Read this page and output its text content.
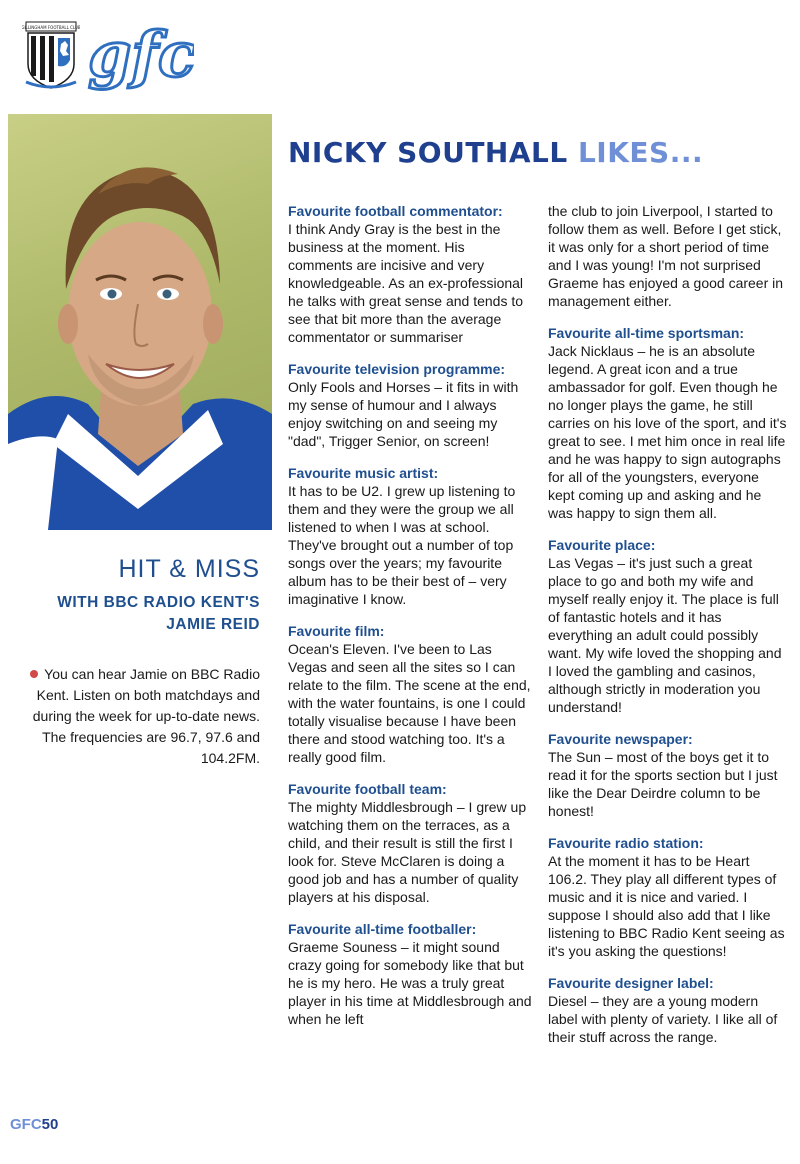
GILLINGHAM FOOTBALL CLUB gfc
NICKY SOUTHALL LIKES...
HIT & MISS
WITH BBC RADIO KENT'S
JAMIE REID
You can hear Jamie on BBC Radio Kent. Listen on both matchdays and during the week for up-to-date news. The frequencies are 96.7, 97.6 and 104.2FM.
Favourite football commentator:

I think Andy Gray is the best in the business at the moment. His comments are incisive and very knowledgeable. As an ex-professional he talks with great sense and tends to see that bit more than the average commentator or summariser

Favourite television programme:

Only Fools and Horses – it fits in with my sense of humour and I always enjoy switching on and seeing my "dad", Trigger Senior, on screen!

Favourite music artist:

It has to be U2. I grew up listening to them and they were the group we all listened to when I was at school. They've brought out a number of top songs over the years; my favourite album has to be their best of – very imaginative I know.

Favourite film:

Ocean's Eleven. I've been to Las Vegas and seen all the sites so I can relate to the film. The scene at the end, with the water fountains, is one I could totally visualise because I have been there and stood watching too. It's a really good film.

Favourite football team:

The mighty Middlesbrough – I grew up watching them on the terraces, as a child, and their result is still the first I look for. Steve McClaren is doing a good job and has a number of quality players at his disposal.

Favourite all-time footballer:

Graeme Souness – it might sound crazy going for somebody like that but he is my hero. He was a truly great player in his time at Middlesbrough and when he left

the club to join Liverpool, I started to follow them as well. Before I get stick, it was only for a short period of time and I was young! I'm not surprised Graeme has enjoyed a good career in management either.

Favourite all-time sportsman:

Jack Nicklaus – he is an absolute legend. A great icon and a true ambassador for golf. Even though he no longer plays the game, he still carries on his love of the sport, and it's great to see. I met him once in real life and he was happy to sign autographs for all of the youngsters, everyone kept coming up and asking and he was happy to sign them all.

Favourite place:

Las Vegas – it's just such a great place to go and both my wife and myself really enjoy it. The place is full of fantastic hotels and it has everything an adult could possibly want. My wife loved the shopping and I loved the gambling and casinos, although strictly in moderation you understand!

Favourite newspaper:

The Sun – most of the boys get it to read it for the sports section but I just like the Dear Deirdre column to be honest!

Favourite radio station:

At the moment it has to be Heart 106.2. They play all different types of music and it is nice and varied. I suppose I should also add that I like listening to BBC Radio Kent seeing as it's you asking the questions!

Favourite designer label:

Diesel – they are a young modern label with plenty of variety. I like all of their stuff across the range.

GFC50
